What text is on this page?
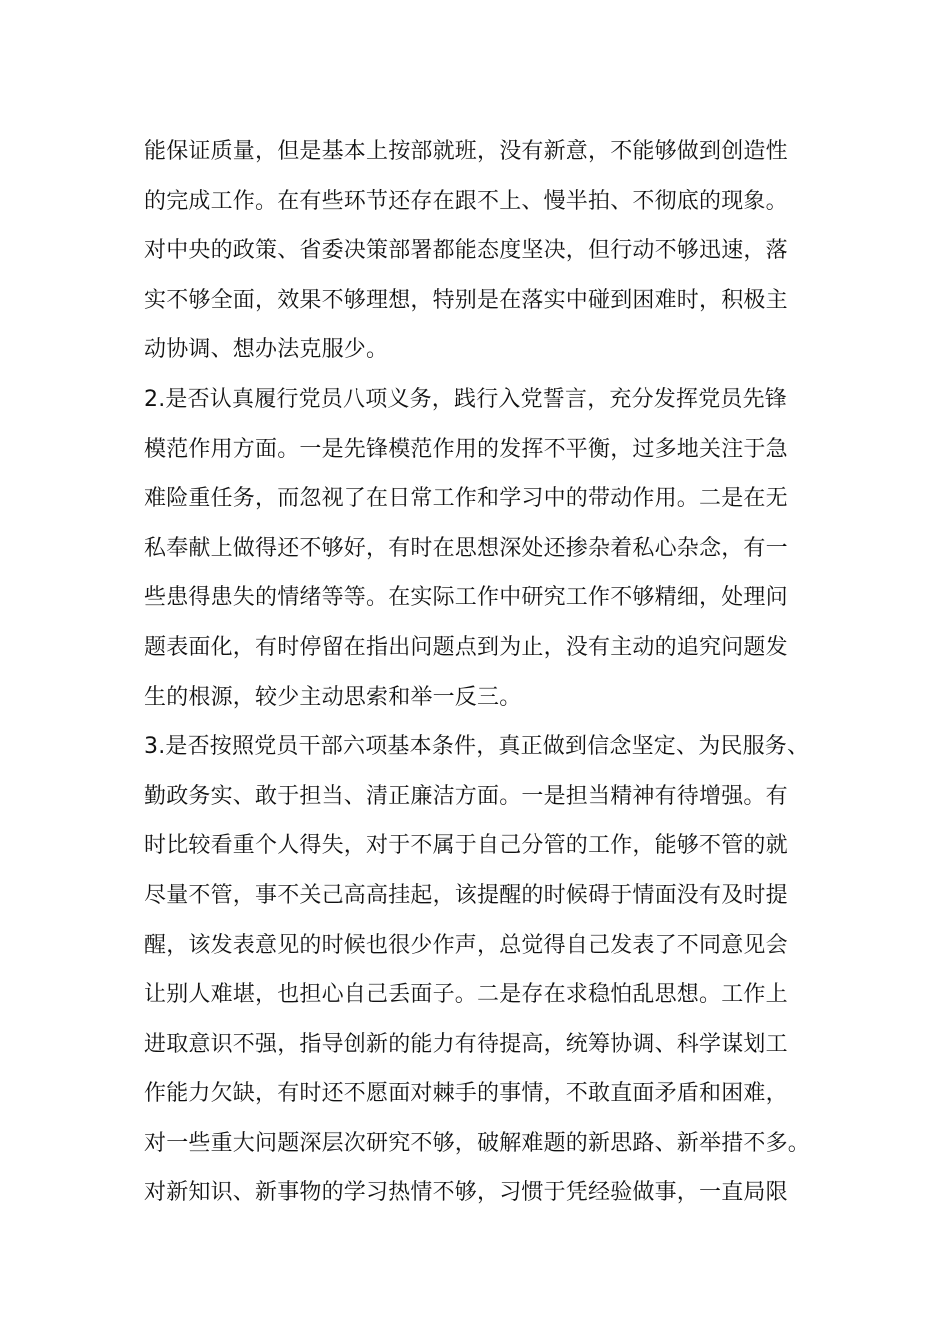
能保证质量，但是基本上按部就班，没有新意，不能够做到创造性
的完成工作。在有些环节还存在跟不上、慢半拍、不彻底的现象。
对中央的政策、省委决策部署都能态度坚决，但行动不够迅速，落
实不够全面，效果不够理想，特别是在落实中碰到困难时，积极主
动协调、想办法克服少。
2.是否认真履行党员八项义务，践行入党誓言，充分发挥党员先锋
模范作用方面。一是先锋模范作用的发挥不平衡，过多地关注于急
难险重任务，而忽视了在日常工作和学习中的带动作用。二是在无
私奉献上做得还不够好，有时在思想深处还掺杂着私心杂念，有一
些患得患失的情绪等等。在实际工作中研究工作不够精细，处理问
题表面化，有时停留在指出问题点到为止，没有主动的追究问题发
生的根源，较少主动思索和举一反三。
3.是否按照党员干部六项基本条件，真正做到信念坚定、为民服务、
勤政务实、敢于担当、清正廉洁方面。一是担当精神有待增强。有
时比较看重个人得失，对于不属于自己分管的工作，能够不管的就
尽量不管，事不关己高高挂起，该提醒的时候碍于情面没有及时提
醒，该发表意见的时候也很少作声，总觉得自己发表了不同意见会
让别人难堪，也担心自己丢面子。二是存在求稳怕乱思想。工作上
进取意识不强，指导创新的能力有待提高，统筹协调、科学谋划工
作能力欠缺，有时还不愿面对棘手的事情，不敢直面矛盾和困难，
对一些重大问题深层次研究不够，破解难题的新思路、新举措不多。
对新知识、新事物的学习热情不够，习惯于凭经验做事，一直局限
